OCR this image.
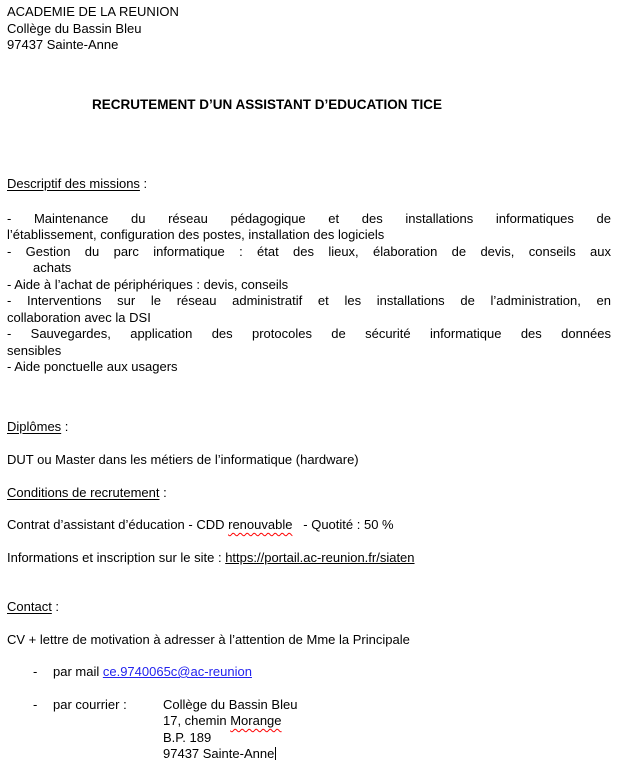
ACADEMIE DE LA REUNION
Collège du Bassin Bleu
97437 Sainte-Anne
RECRUTEMENT D’UN ASSISTANT D’EDUCATION TICE
Descriptif des missions :
- Maintenance du réseau pédagogique et des installations informatiques de
l’établissement, configuration des postes, installation des logiciels
- Gestion du parc informatique : état des lieux, élaboration de devis, conseils aux
achats
- Aide à l’achat de périphériques : devis, conseils
- Interventions sur le réseau administratif et les installations de l’administration, en
collaboration avec la DSI
- Sauvegardes, application des protocoles de sécurité informatique des données
sensibles
- Aide ponctuelle aux usagers
Diplômes :
DUT ou Master dans les métiers de l’informatique (hardware)
Conditions de recrutement :
Contrat d’assistant d’éducation - CDD renouvable   - Quotité : 50 %
Informations et inscription sur le site : https://portail.ac-reunion.fr/siaten
Contact :
CV + lettre de motivation à adresser à l’attention de Mme la Principale
-	par mail ce.9740065c@ac-reunion
-	par courrier :	Collège du Bassin Bleu
17, chemin Morange
B.P. 189
97437 Sainte-Anne
